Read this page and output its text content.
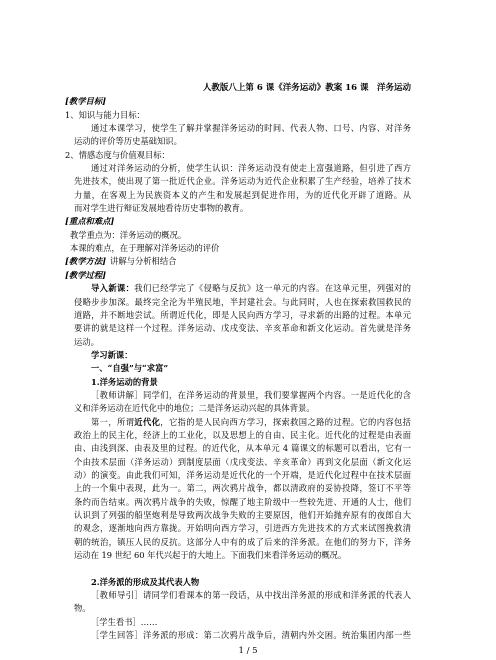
人教版八上第 6 课《洋务运动》教案 16 课　洋务运动
[教学目标]
1、知识与能力目标：
通过本课学习，使学生了解并掌握洋务运动的时间、代表人物、口号、内容、对洋务
运动的评价等历史基础知识。
2、情感态度与价值观目标：
通过对洋务运动的分析，使学生认识：洋务运动没有使走上富强道路，但引进了西方
先进技术，使出现了第一批近代企业。洋务运动为近代企业积累了生产经验，培养了技术
力量，在客观上为民族资本义的产生和发展起到促进作用，为的近代化开辟了道路。从
而对学生进行辩证发展地看待历史事物的教育。
[重点和难点]
教学重点为：洋务运动的概况。
本课的难点，在于理解对洋务运动的评价
[教学方法] 讲解与分析相结合
[教学过程]
导入新课：我们已经学完了《侵略与反抗》这一单元的内容。在这单元里，列强对的
侵略步步加深。最终完全沦为半殖民地，半封建社会。与此同时，人也在探索救国救民的
道路，并不断地尝试。所谓近代化，即是人民向西方学习，寻求新的出路的过程。本单元
要讲的就是这样一个过程。洋务运动、戊戌变法、辛亥革命和新文化运动。首先就是洋务
运动。
学习新课：
一、“自强”与“求富”
1.洋务运动的背景
［教师讲解］同学们，在洋务运动的背景里，我们要掌握两个内容。一是近代化的含
义和洋务运动在近代化中的地位；二是洋务运动兴起的具体背景。
第一，所谓近代化，它指的是人民向西方学习，探索救国之路的过程。它的内容包括
政治上的民主化，经济上的工业化，以及思想上的自由、民主化。近代化的过程是由表面
由、由浅到深、由表及里的过程。的近代化，从本单元 4 篇课文的标题可以看出，它有一
个由技术层面（洋务运动）到制度层面（戊戌变法、辛亥革命）再到文化层面（新文化运
动）的演变。由此我们可知，洋务运动是近代化的一个开端，是近代化过程中在技术层面
上的一个集中表现，此为一。第二，两次鸦片战争，都以清政府的妥协投降，签订不平等
条约而告结束。两次鸦片战争的失败，惊醒了地主阶级中一些较先进、开通的人士，他们
认识到了列强的船坚炮利是导致两次战争失败的主要原因，他们开始抛弃原有的夜郎自大
的观念，逐渐地向西方靠拢。开始明向西方学习，引进西方先进技术的方式来试图挽救清
朝的统治，镇压人民的反抗。这部分人中有的成了后来的洋务派。在他们的努力下，洋务
运动在 19 世纪 60 年代兴起于的大地上。下面我们来看洋务运动的概况。
2.洋务派的形成及其代表人物
［教师导引］请同学们看课本的第一段话，从中找出洋务派的形成和洋务派的代表人
物。
［学生看书］……
［学生回答］洋务派的形成：第二次鸦片战争后，清朝内外交困。统治集团内部一些
1 / 5
